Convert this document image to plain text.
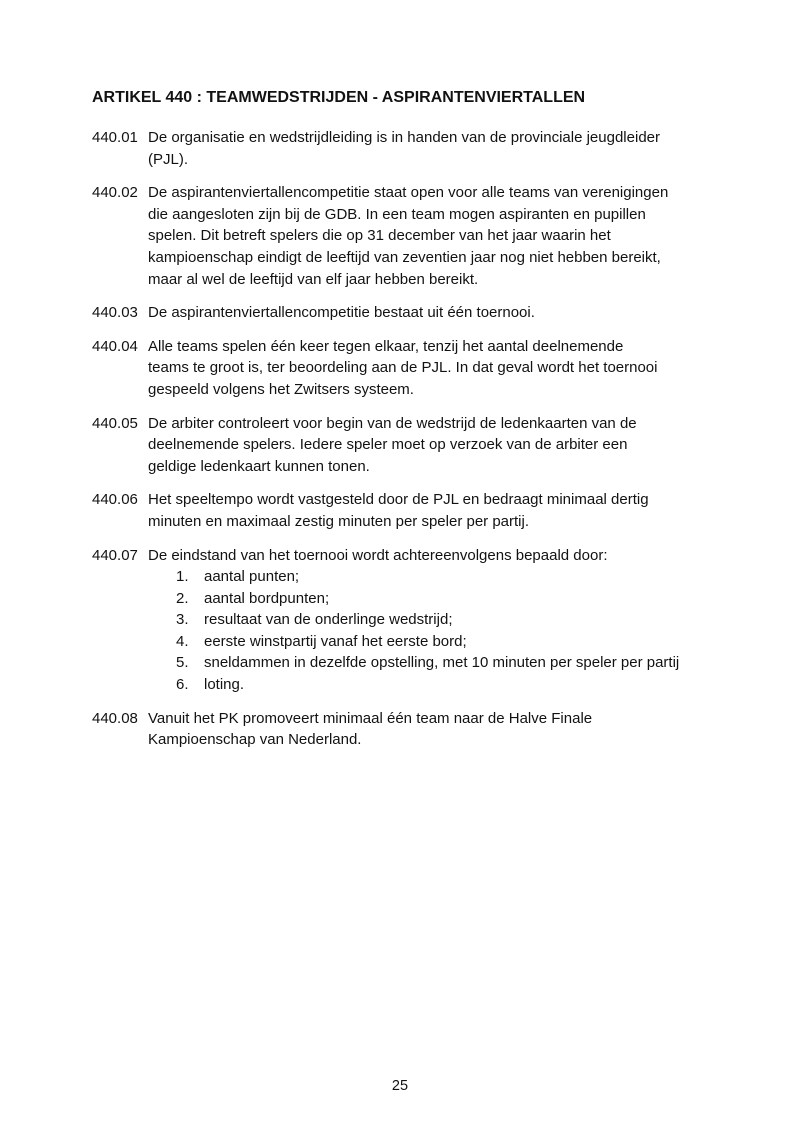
ARTIKEL 440 : TEAMWEDSTRIJDEN - ASPIRANTENVIERTALLEN
440.01 De organisatie en wedstrijdleiding is in handen van de provinciale jeugdleider
(PJL).
440.02 De aspirantenviertallencompetitie staat open voor alle teams van verenigingen
die aangesloten zijn bij de GDB. In een team mogen aspiranten en pupillen
spelen. Dit betreft spelers die op 31 december van het jaar waarin het
kampioenschap eindigt de leeftijd van zeventien jaar nog niet hebben bereikt,
maar al wel de leeftijd van elf jaar hebben bereikt.
440.03 De aspirantenviertallencompetitie bestaat uit één toernooi.
440.04 Alle teams spelen één keer tegen elkaar, tenzij het aantal deelnemende
teams te groot is, ter beoordeling aan de PJL. In dat geval wordt het toernooi
gespeeld volgens het Zwitsers systeem.
440.05 De arbiter controleert voor begin van de wedstrijd de ledenkaarten van de
deelnemende spelers. Iedere speler moet op verzoek van de arbiter een
geldige ledenkaart kunnen tonen.
440.06 Het speeltempo wordt vastgesteld door de PJL en bedraagt minimaal dertig
minuten en maximaal zestig minuten per speler per partij.
440.07 De eindstand van het toernooi wordt achtereenvolgens bepaald door:
1.	aantal punten;
2.	aantal bordpunten;
3.	resultaat van de onderlinge wedstrijd;
4.	eerste winstpartij vanaf het eerste bord;
5.	sneldammen in dezelfde opstelling, met 10 minuten per speler per partij
6.	loting.
440.08 Vanuit het PK promoveert minimaal één team naar de Halve Finale
Kampioenschap van Nederland.
25
